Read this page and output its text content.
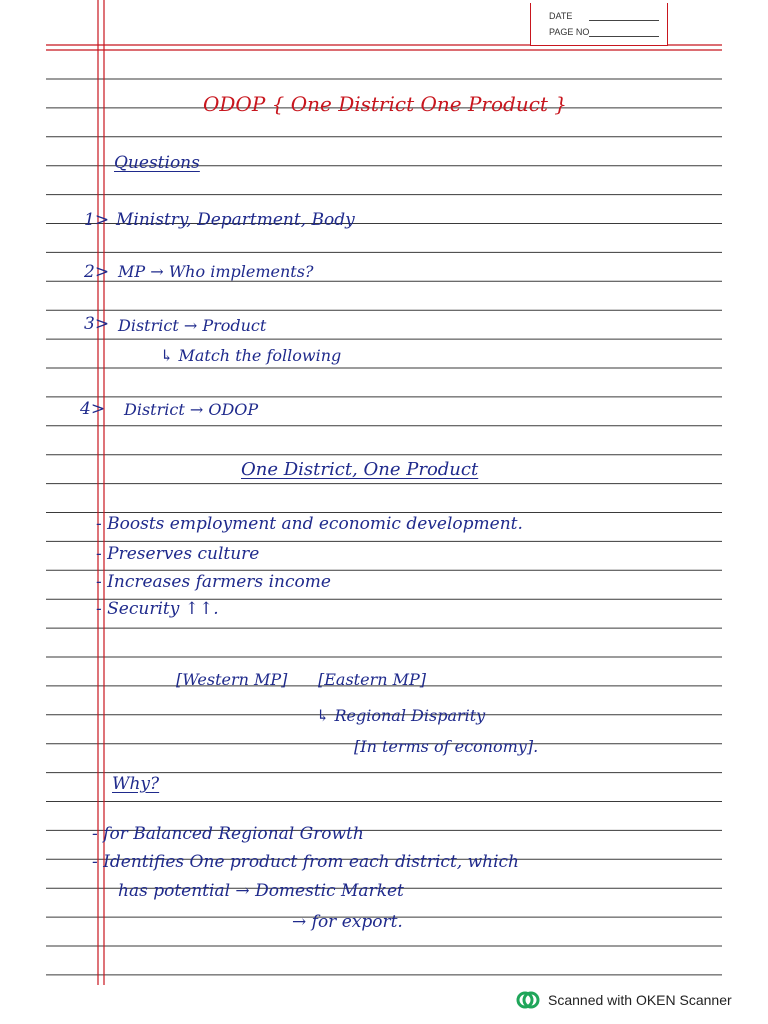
DATE
PAGE NO
ODOP { One District One Product }
Questions
1> Ministry, Department, Body
2> MP → Who implements?
3> District → Product
↳ Match the following
4> District → ODOP
One District, One Product
- Boosts employment and economic development.
- Preserves culture
- Increases farmers income
- Security ↑↑.
[Western MP] [Eastern MP]
↳ Regional Disparity
[In terms of economy].
Why?
- for Balanced Regional Growth
- Identifies One product from each district, which
has potential → Domestic Market
→ for export.
Scanned with OKEN Scanner
